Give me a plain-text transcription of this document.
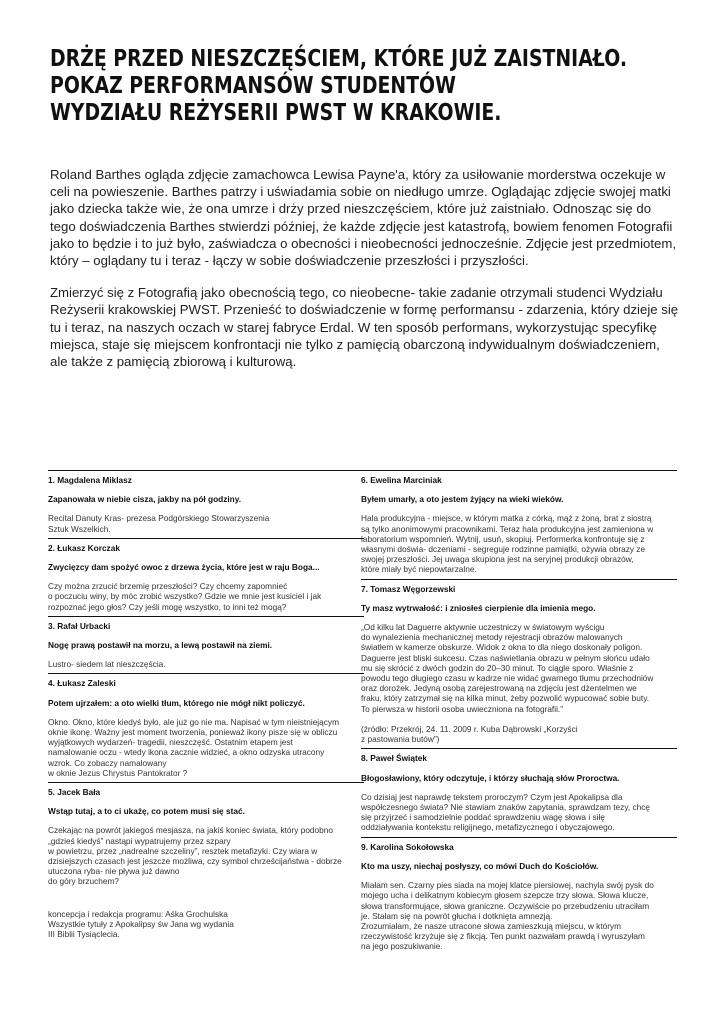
DRŻĘ PRZED NIESZCZĘŚCIEM, KTÓRE JUŻ ZAISTNIAŁO.
POKAZ PERFORMANSÓW STUDENTÓW
WYDZIAŁU REŻYSERII PWST W KRAKOWIE.

Roland Barthes ogląda zdjęcie zamachowca Lewisa Payne'a, który za usiłowanie morderstwa oczekuje w celi na powieszenie. Barthes patrzy i uświadamia sobie on niedługo umrze. Oglądając zdjęcie swojej matki jako dziecka także wie, że ona umrze i drży przed nieszczęściem, które już zaistniało. Odnosząc się do tego doświadczenia Barthes stwierdzi później, że każde zdjęcie jest katastrofą, bowiem fenomen Fotografii jako to będzie i to już było, zaświadcza o obecności i nieobecności jednocześnie. Zdjęcie jest przedmiotem, który – oglądany tu i teraz - łączy w sobie doświadczenie przeszłości i przyszłości.

Zmierzyć się z Fotografią jako obecnością tego, co nieobecne- takie zadanie otrzymali studenci Wydziału Reżyserii krakowskiej PWST. Przenieść to doświadczenie w formę performansu - zdarzenia, który dzieje się tu i teraz, na naszych oczach w starej fabryce Erdal. W ten sposób performans, wykorzystując specyfikę miejsca, staje się miejscem konfrontacji nie tylko z pamięcią obarczoną indywidualnym doświadczeniem, ale także z pamięcią zbiorową i kulturową.

1. Magdalena Miklasz
Zapanowała w niebie cisza, jakby na pół godziny.
Recital Danuty Kras- prezesa Podgórskiego Stowarzyszenia
Sztuk Wszelkich.
2. Łukasz Korczak
Zwycięzcy dam spożyć owoc z drzewa życia, które jest w raju Boga...
Czy można zrzucić brzemię przeszłości? Czy chcemy zapomnieć
o poczuciu winy, by móc zrobić wszystko? Gdzie we mnie jest kusiciel i jak
rozpoznać jego głos? Czy jeśli mogę wszystko, to inni też mogą?
3. Rafał Urbacki
Nogę prawą postawił na morzu, a lewą postawił na ziemi.
Lustro- siedem lat nieszczęścia.
4. Łukasz Zaleski
Potem ujrzałem: a oto wielki tłum, którego nie mógł nikt policzyć.
Okno. Okno, które kiedyś było, ale już go nie ma. Napisać w tym nieistniejącym
oknie ikonę. Ważny jest moment tworzenia, ponieważ ikony pisze się w obliczu
wyjątkowych wydarzeń- tragedii, nieszczęść. Ostatnim etapem jest
namalowanie oczu - wtedy ikona zacznie widzieć, a okno odzyska utracony
wzrok. Co zobaczy namalowany
w oknie Jezus Chrystus Pantokrator ?
5. Jacek Bała
Wstąp tutaj, a to ci ukażę, co potem musi się stać.
Czekając na powrót jakiegoś mesjasza, na jakiś koniec świata, który podobno
„gdzieś kiedyś” nastąpi wypatrujemy przez szpary
w powietrzu, przez „nadrealne szczeliny”, resztek metafizyki. Czy wiara w
dzisiejszych czasach jest jeszcze możliwa, czy symbol chrześcijaństwa - dobrze
utuczona ryba- nie pływa już dawno
do góry brzuchem?
koncepcja i redakcja programu: Aśka Grochulska
Wszystkie tytuły z Apokalipsy św Jana wg wydania
III Biblii Tysiąclecia.
6. Ewelina Marciniak
Byłem umarły, a oto jestem żyjący na wieki wieków.
Hala produkcyjna - miejsce, w którym matka z córką, mąż z żoną, brat z siostrą
są tylko anonimowymi pracownikami. Teraz hala produkcyjna jest zamieniona w
laboratorium wspomnień. Wytnij, usuń, skopiuj. Performerka konfrontuje się z
własnymi doświa- dczeniami - segreguje rodzinne pamiątki, ożywia obrazy ze
swojej przeszłości. Jej uwaga skupiona jest na seryjnej produkcji obrazów,
które miały być niepowtarzalne.
7. Tomasz Węgorzewski
Ty masz wytrwałość: i zniosłeś cierpienie dla imienia mego.
„Od kilku lat Daguerre aktywnie uczestniczy w światowym wyścigu
do wynalezienia mechanicznej metody rejestracji obrazów malowanych
światłem w kamerze obskurze. Widok z okna to dla niego doskonały poligon.
Daguerre jest bliski sukcesu. Czas naświetlania obrazu w pełnym słońcu udało
mu się skrócić z dwóch godzin do 20–30 minut. To ciągle sporo. Właśnie z
powodu tego długiego czasu w kadrze nie widać gwarnego tłumu przechodniów
oraz dorożek. Jedyną osobą zarejestrowaną na zdjęciu jest dżentelmen we
fraku, który zatrzymał się na kilka minut, żeby pozwolić wypucować sobie buty.
To pierwsza w historii osoba uwieczniona na fotografii.”

(źródło: Przekrój, 24. 11. 2009 r. Kuba Dąbrowski „Korzyści
z pastowania butów”)
8. Paweł Świątek
Błogosławiony, który odczytuje, i którzy słuchają słów Proroctwa.
Co dzisiaj jest naprawdę tekstem proroczym? Czym jest Apokalipsa dla
współczesnego świata? Nie stawiam znaków zapytania, sprawdzam tezy, chcę
się przyjrzeć i samodzielnie poddać sprawdzeniu wagę słowa i siłę
oddziaływania kontekstu religijnego, metafizycznego i obyczajowego.
9. Karolina Sokołowska
Kto ma uszy, niechaj posłyszy, co mówi Duch do Kościołów.
Miałam sen. Czarny pies siada na mojej klatce piersiowej, nachyla swój pysk do
mojego ucha i delikatnym kobiecym głosem szepcze trzy słowa. Słowa klucze,
słowa transformujące, słowa graniczne. Oczywiście po przebudzeniu utraciłam
je. Stałam się na powrót głucha i dotknięta amnezją.
Zrozumiałam, że nasze utracone słowa zamieszkują miejscu, w którym
rzeczywistość krzyżuje się z fikcją. Ten punkt nazwałam prawdą i wyruszyłam
na jego poszukiwanie.
